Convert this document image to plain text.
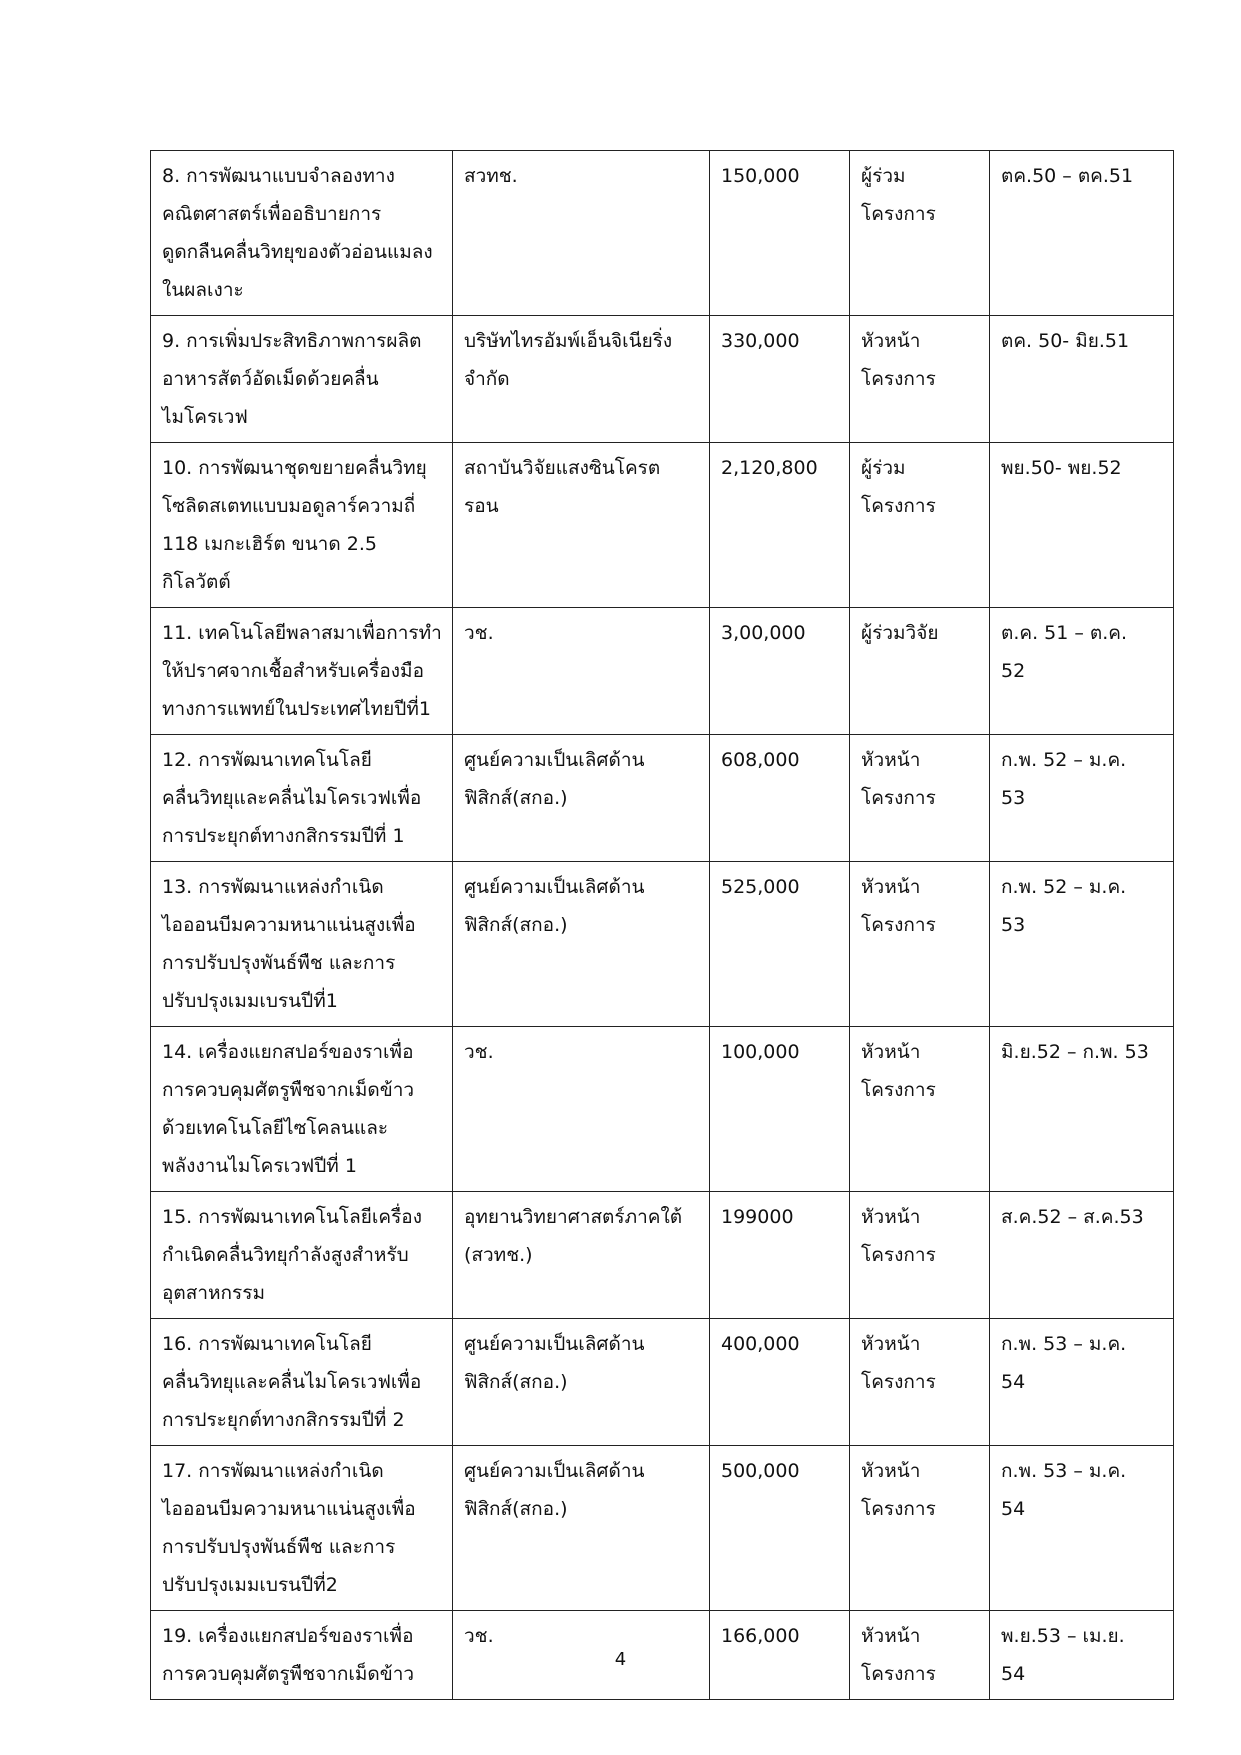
8. การพัฒนาแบบจำลองทาง
คณิตศาสตร์เพื่ออธิบายการ
ดูดกลืนคลื่นวิทยุของตัวอ่อนแมลง
ในผลเงาะ	สวทช.	150,000	ผู้ร่วม
โครงการ	ตค.50 – ตค.51

9. การเพิ่มประสิทธิภาพการผลิต
อาหารสัตว์อัดเม็ดด้วยคลื่น
ไมโครเวฟ	บริษัทไทรอัมพ์เอ็นจิเนียริ่ง
จำกัด	330,000	หัวหน้า
โครงการ	ตค. 50- มิย.51

10. การพัฒนาชุดขยายคลื่นวิทยุ
โซลิดสเตทแบบมอดูลาร์ความถี่
118 เมกะเฮิร์ต ขนาด 2.5
กิโลวัตต์	สถาบันวิจัยแสงซินโครต
รอน	2,120,800	ผู้ร่วม
โครงการ	พย.50- พย.52

11. เทคโนโลยีพลาสมาเพื่อการทำ
ให้ปราศจากเชื้อสำหรับเครื่องมือ
ทางการแพทย์ในประเทศไทยปีที่1	วช.	3,00,000	ผู้ร่วมวิจัย	ต.ค. 51 – ต.ค.
52

12. การพัฒนาเทคโนโลยี
คลื่นวิทยุและคลื่นไมโครเวฟเพื่อ
การประยุกต์ทางกสิกรรมปีที่ 1	ศูนย์ความเป็นเลิศด้าน
ฟิสิกส์(สกอ.)	608,000	หัวหน้า
โครงการ	ก.พ. 52 – ม.ค.
53

13. การพัฒนาแหล่งกำเนิด
ไอออนบีมความหนาแน่นสูงเพื่อ
การปรับปรุงพันธ์พืช และการ
ปรับปรุงเมมเบรนปีที่1	ศูนย์ความเป็นเลิศด้าน
ฟิสิกส์(สกอ.)	525,000	หัวหน้า
โครงการ	ก.พ. 52 – ม.ค.
53

14. เครื่องแยกสปอร์ของราเพื่อ
การควบคุมศัตรูพืชจากเม็ดข้าว
ด้วยเทคโนโลยีไซโคลนและ
พลังงานไมโครเวฟปีที่ 1	วช.	100,000	หัวหน้า
โครงการ	มิ.ย.52 – ก.พ. 53

15. การพัฒนาเทคโนโลยีเครื่อง
กำเนิดคลื่นวิทยุกำลังสูงสำหรับ
อุตสาหกรรม	อุทยานวิทยาศาสตร์ภาคใต้
(สวทช.)	199000	หัวหน้า
โครงการ	ส.ค.52 – ส.ค.53

16. การพัฒนาเทคโนโลยี
คลื่นวิทยุและคลื่นไมโครเวฟเพื่อ
การประยุกต์ทางกสิกรรมปีที่ 2	ศูนย์ความเป็นเลิศด้าน
ฟิสิกส์(สกอ.)	400,000	หัวหน้า
โครงการ	ก.พ. 53 – ม.ค.
54

17. การพัฒนาแหล่งกำเนิด
ไอออนบีมความหนาแน่นสูงเพื่อ
การปรับปรุงพันธ์พืช และการ
ปรับปรุงเมมเบรนปีที่2	ศูนย์ความเป็นเลิศด้าน
ฟิสิกส์(สกอ.)	500,000	หัวหน้า
โครงการ	ก.พ. 53 – ม.ค.
54

19. เครื่องแยกสปอร์ของราเพื่อ
การควบคุมศัตรูพืชจากเม็ดข้าว	วช.	166,000	หัวหน้า
โครงการ	พ.ย.53 – เม.ย.
54
4
